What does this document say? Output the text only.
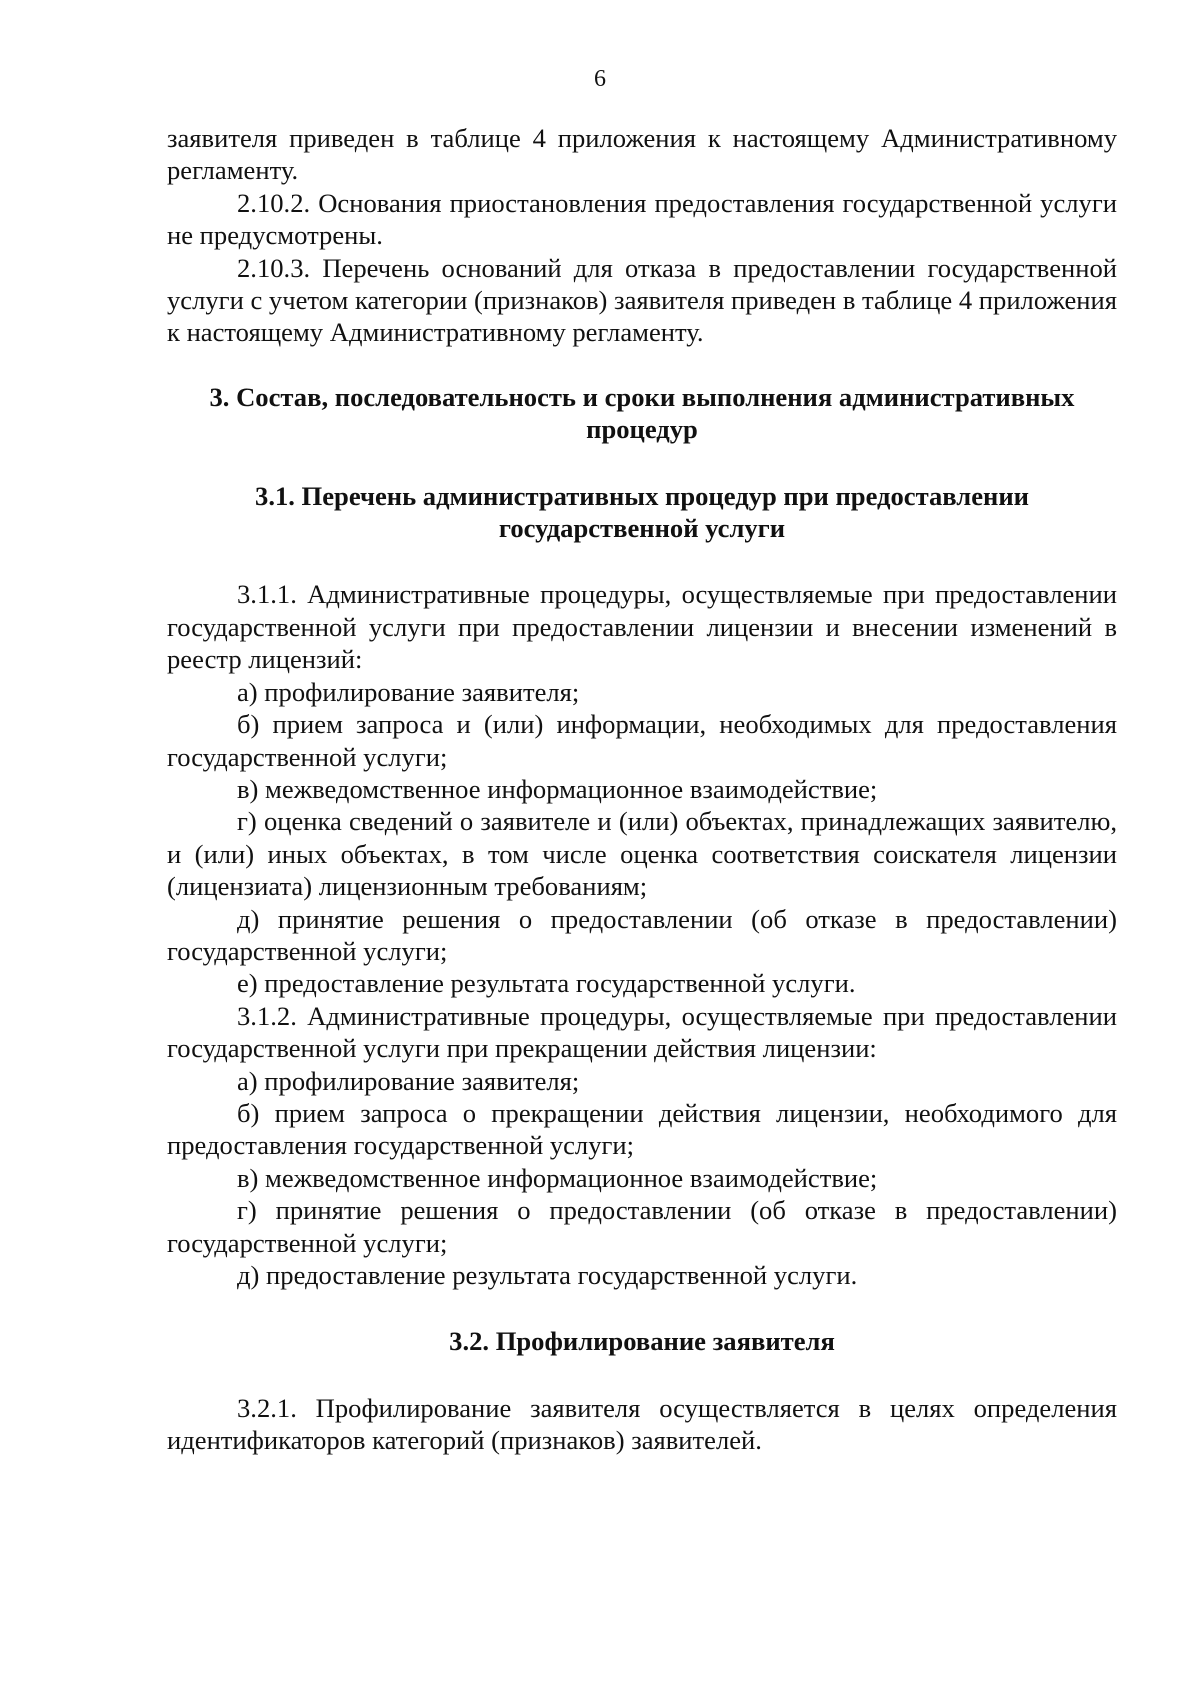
6

заявителя приведен в таблице 4 приложения к настоящему Административному регламенту.

2.10.2. Основания приостановления предоставления государственной услуги не предусмотрены.

2.10.3. Перечень оснований для отказа в предоставлении государственной услуги с учетом категории (признаков) заявителя приведен в таблице 4 приложения к настоящему Административному регламенту.

3. Состав, последовательность и сроки выполнения административных
процедур
3.1. Перечень административных процедур при предоставлении
государственной услуги

3.1.1. Административные процедуры, осуществляемые при предоставлении государственной услуги при предоставлении лицензии и внесении изменений в реестр лицензий:

а) профилирование заявителя;

б) прием запроса и (или) информации, необходимых для предоставления государственной услуги;

в) межведомственное информационное взаимодействие;

г) оценка сведений о заявителе и (или) объектах, принадлежащих заявителю, и (или) иных объектах, в том числе оценка соответствия соискателя лицензии (лицензиата) лицензионным требованиям;

д) принятие решения о предоставлении (об отказе в предоставлении) государственной услуги;

е) предоставление результата государственной услуги.

3.1.2. Административные процедуры, осуществляемые при предоставлении государственной услуги при прекращении действия лицензии:

а) профилирование заявителя;

б) прием запроса о прекращении действия лицензии, необходимого для предоставления государственной услуги;

в) межведомственное информационное взаимодействие;

г) принятие решения о предоставлении (об отказе в предоставлении) государственной услуги;

д) предоставление результата государственной услуги.

3.2. Профилирование заявителя

3.2.1. Профилирование заявителя осуществляется в целях определения идентификаторов категорий (признаков) заявителей.
